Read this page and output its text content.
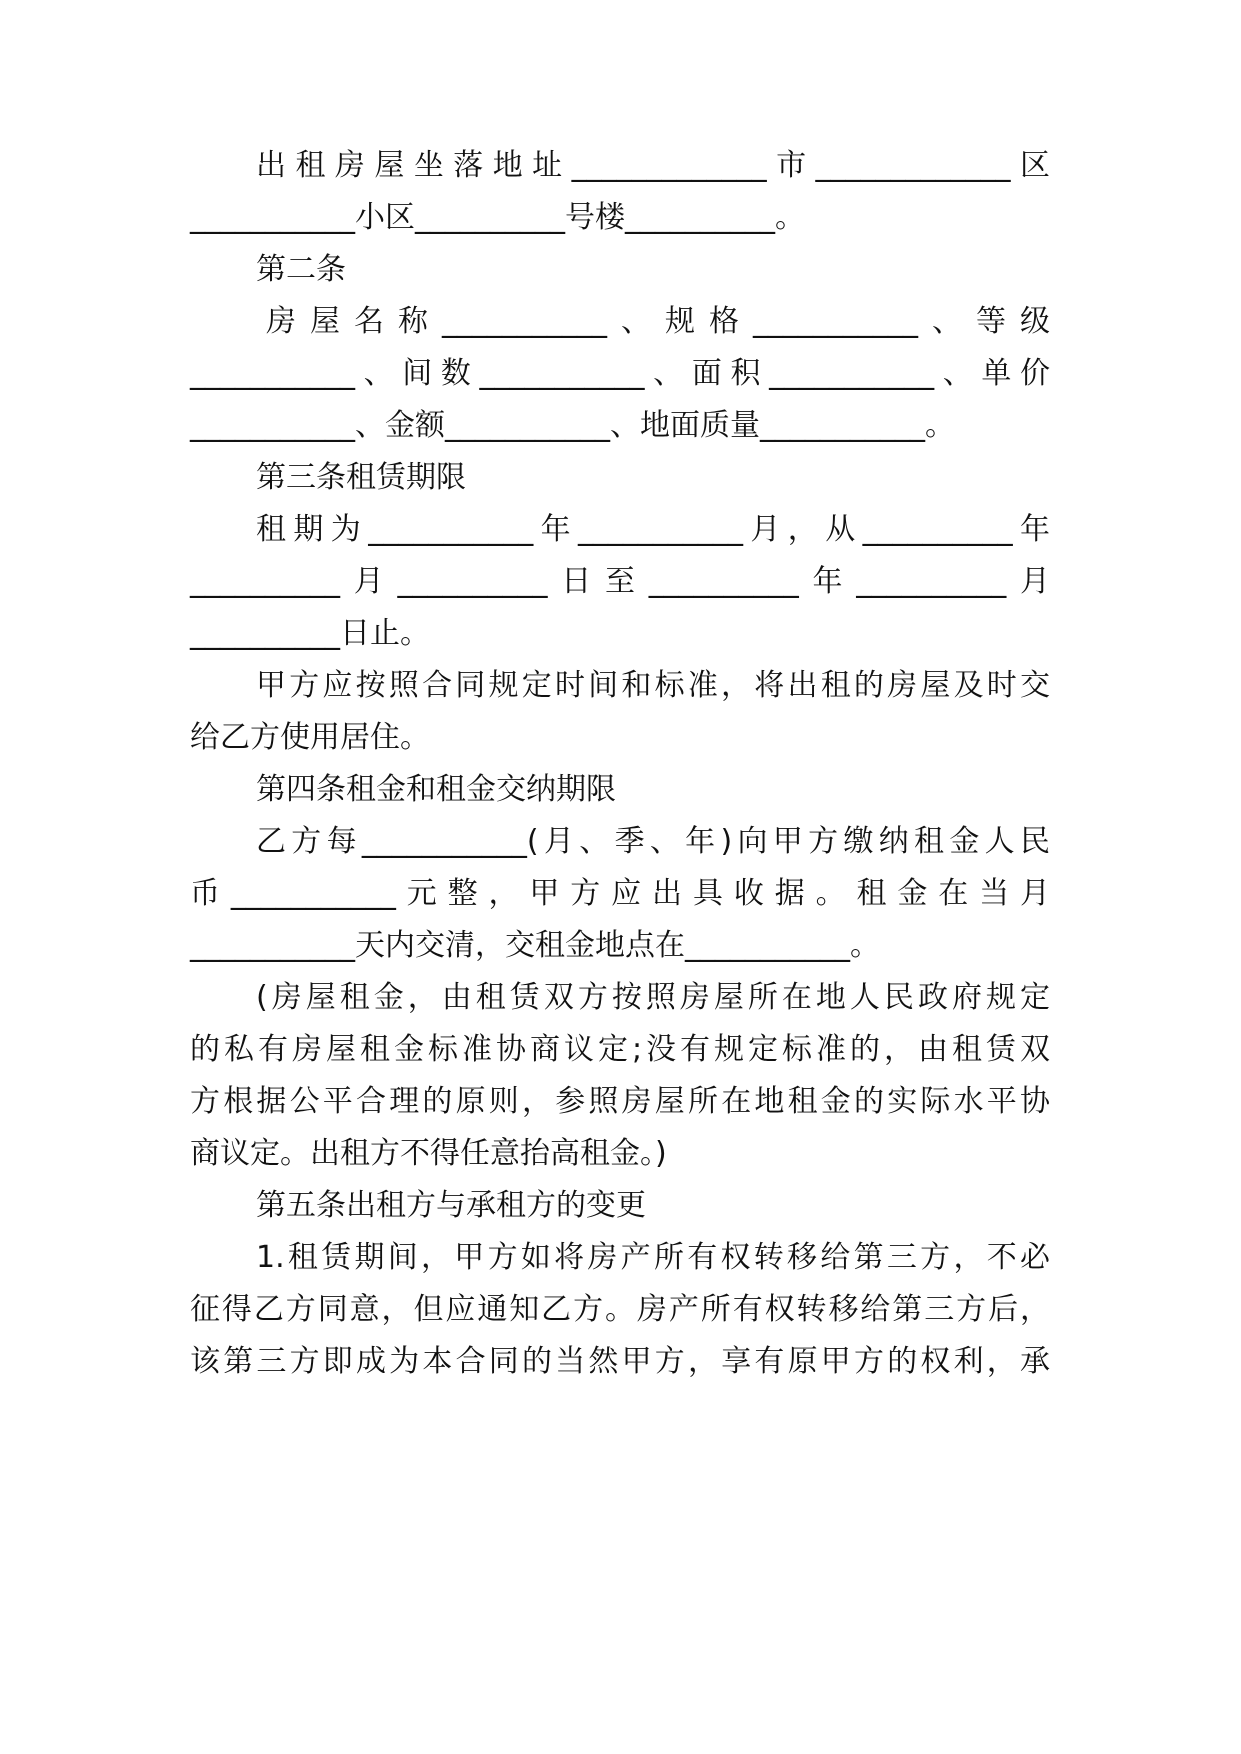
出租房屋坐落地址_____________市_____________区
___________小区__________号楼__________。
第二条
房屋名称___________、规格___________、等级
___________、间数___________、面积___________、单价
___________、金额___________、地面质量___________。
第三条租赁期限
租期为___________年___________月，从__________年
__________月__________日至__________年__________月
__________日止。
甲方应按照合同规定时间和标准，将出租的房屋及时交
给乙方使用居住。
第四条租金和租金交纳期限
乙方每___________(月、季、年)向甲方缴纳租金人民
币___________元整，甲方应出具收据。租金在当月
___________天内交清，交租金地点在___________。
(房屋租金，由租赁双方按照房屋所在地人民政府规定
的私有房屋租金标准协商议定;没有规定标准的，由租赁双
方根据公平合理的原则，参照房屋所在地租金的实际水平协
商议定。出租方不得任意抬高租金。)
第五条出租方与承租方的变更
1.租赁期间，甲方如将房产所有权转移给第三方，不必
征得乙方同意，但应通知乙方。房产所有权转移给第三方后，
该第三方即成为本合同的当然甲方，享有原甲方的权利，承
